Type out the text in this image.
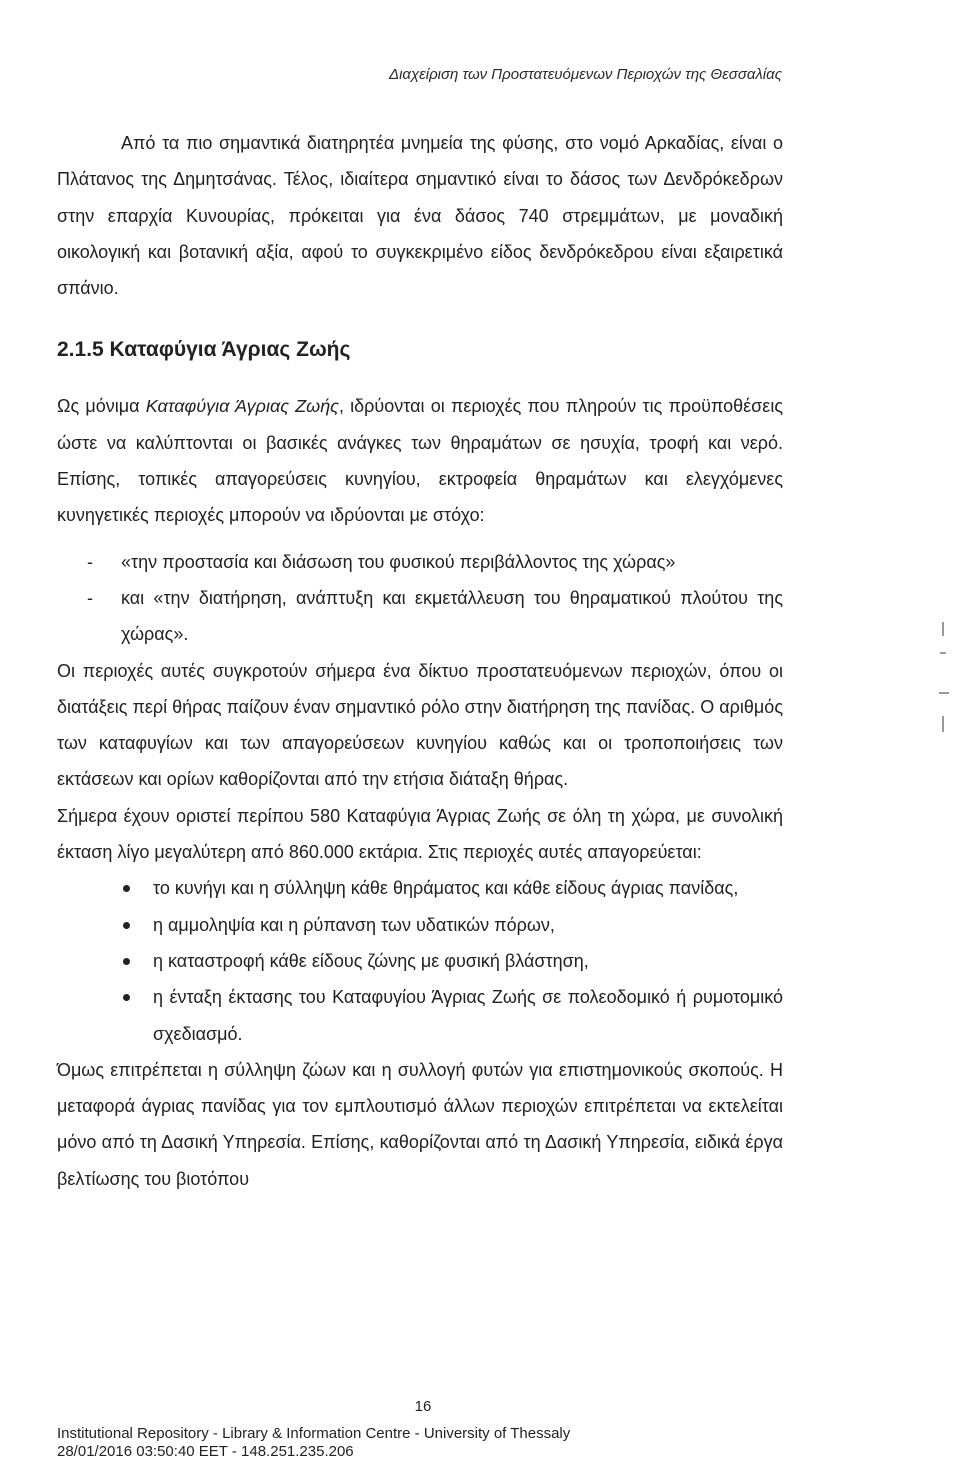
Διαχείριση των Προστατευόμενων Περιοχών της Θεσσαλίας

Από τα πιο σημαντικά διατηρητέα μνημεία της φύσης, στο νομό Αρκαδίας, είναι ο Πλάτανος της Δημητσάνας. Τέλος, ιδιαίτερα σημαντικό είναι το δάσος των Δενδρόκεδρων στην επαρχία Κυνουρίας, πρόκειται για ένα δάσος 740 στρεμμάτων, με μοναδική οικολογική και βοτανική αξία, αφού το συγκεκριμένο είδος δενδρόκεδρου είναι εξαιρετικά σπάνιο.

2.1.5 Καταφύγια Άγριας Ζωής

Ως μόνιμα Καταφύγια Άγριας Ζωής, ιδρύονται οι περιοχές που πληρούν τις προϋποθέσεις ώστε να καλύπτονται οι βασικές ανάγκες των θηραμάτων σε ησυχία, τροφή και νερό. Επίσης, τοπικές απαγορεύσεις κυνηγίου, εκτροφεία θηραμάτων και ελεγχόμενες κυνηγετικές περιοχές μπορούν να ιδρύονται με στόχο:

- «την προστασία και διάσωση του φυσικού περιβάλλοντος της χώρας»
- και «την διατήρηση, ανάπτυξη και εκμετάλλευση του θηραματικού πλούτου της χώρας».

Οι περιοχές αυτές συγκροτούν σήμερα ένα δίκτυο προστατευόμενων περιοχών, όπου οι διατάξεις περί θήρας παίζουν έναν σημαντικό ρόλο στην διατήρηση της πανίδας. Ο αριθμός των καταφυγίων και των απαγορεύσεων κυνηγίου καθώς και οι τροποποιήσεις των εκτάσεων και ορίων καθορίζονται από την ετήσια διάταξη θήρας.

Σήμερα έχουν οριστεί περίπου 580 Καταφύγια Άγριας Ζωής σε όλη τη χώρα, με συνολική έκταση λίγο μεγαλύτερη από 860.000 εκτάρια. Στις περιοχές αυτές απαγορεύεται:

το κυνήγι και η σύλληψη κάθε θηράματος και κάθε είδους άγριας πανίδας,
η αμμοληψία και η ρύπανση των υδατικών πόρων,
η καταστροφή κάθε είδους ζώνης με φυσική βλάστηση,
η ένταξη έκτασης του Καταφυγίου Άγριας Ζωής σε πολεοδομικό ή ρυμοτομικό σχεδιασμό.

Όμως επιτρέπεται η σύλληψη ζώων και η συλλογή φυτών για επιστημονικούς σκοπούς. Η μεταφορά άγριας πανίδας για τον εμπλουτισμό άλλων περιοχών επιτρέπεται να εκτελείται μόνο από τη Δασική Υπηρεσία. Επίσης, καθορίζονται από τη Δασική Υπηρεσία, ειδικά έργα βελτίωσης του βιοτόπου

16
Institutional Repository - Library & Information Centre - University of Thessaly
28/01/2016 03:50:40 EET - 148.251.235.206
